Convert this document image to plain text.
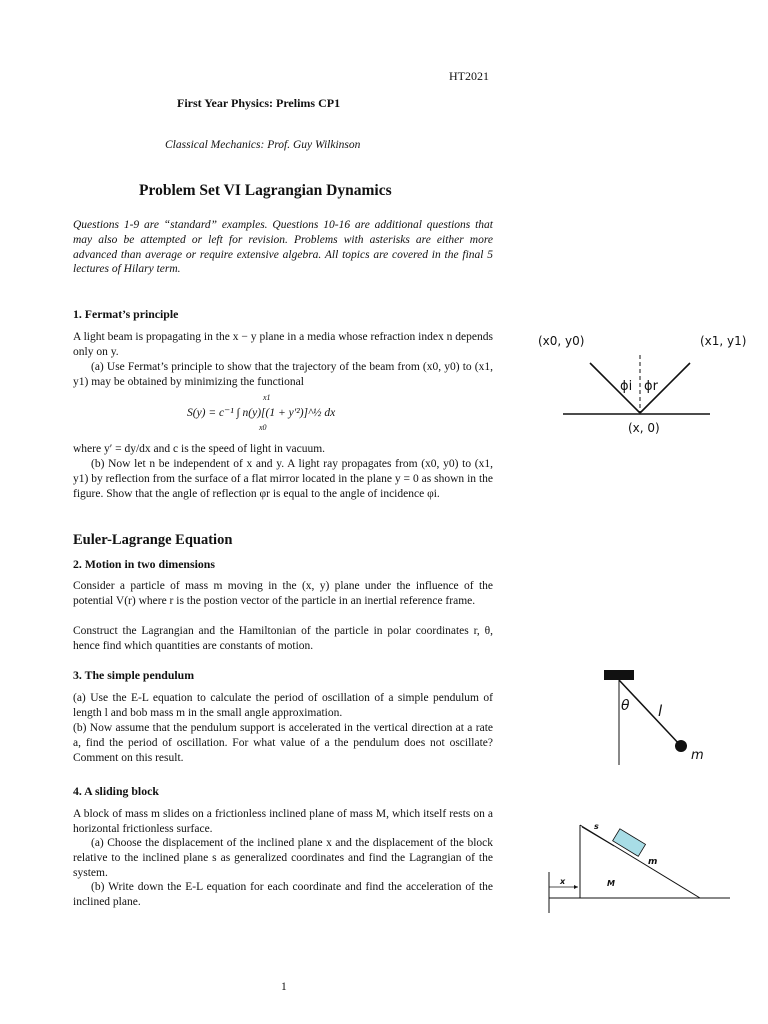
HT2021
First Year Physics: Prelims CP1
Classical Mechanics: Prof. Guy Wilkinson
Problem Set VI Lagrangian Dynamics
Questions 1-9 are “standard” examples. Questions 10-16 are additional questions that may also be attempted or left for revision. Problems with asterisks are either more advanced than average or require extensive algebra. All topics are covered in the final 5 lectures of Hilary term.
1. Fermat’s principle
A light beam is propagating in the x − y plane in a media whose refraction index n depends only on y.
(a) Use Fermat’s principle to show that the trajectory of the beam from (x0, y0) to (x1, y1) may be obtained by minimizing the functional
S(y) = c⁻¹ ∫ n(y)[(1 + y′²)]^½ dx
x1
x0
where y′ = dy/dx and c is the speed of light in vacuum.
(b) Now let n be independent of x and y. A light ray propagates from (x0, y0) to (x1, y1) by reflection from the surface of a flat mirror located in the plane y = 0 as shown in the figure. Show that the angle of reflection φr is equal to the angle of incidence φi.
(x0, y0)	(x1, y1)
ϕi ϕr
(x, 0)
Euler-Lagrange Equation
2. Motion in two dimensions
Consider a particle of mass m moving in the (x, y) plane under the influence of the potential V(r) where r is the postion vector of the particle in an inertial reference frame.
Construct the Lagrangian and the Hamiltonian of the particle in polar coordinates r, θ, hence find which quantities are constants of motion.
3. The simple pendulum
(a) Use the E-L equation to calculate the period of oscillation of a simple pendulum of length l and bob mass m in the small angle approximation.
(b) Now assume that the pendulum support is accelerated in the vertical direction at a rate a, find the period of oscillation. For what value of a the pendulum does not oscillate? Comment on this result.
θ l
m
4. A sliding block
A block of mass m slides on a frictionless inclined plane of mass M, which itself rests on a horizontal frictionless surface.
(a) Choose the displacement of the inclined plane x and the displacement of the block relative to the inclined plane s as generalized coordinates and find the Lagrangian of the system.
(b) Write down the E-L equation for each coordinate and find the acceleration of the inclined plane.
s
m
x	M
1
